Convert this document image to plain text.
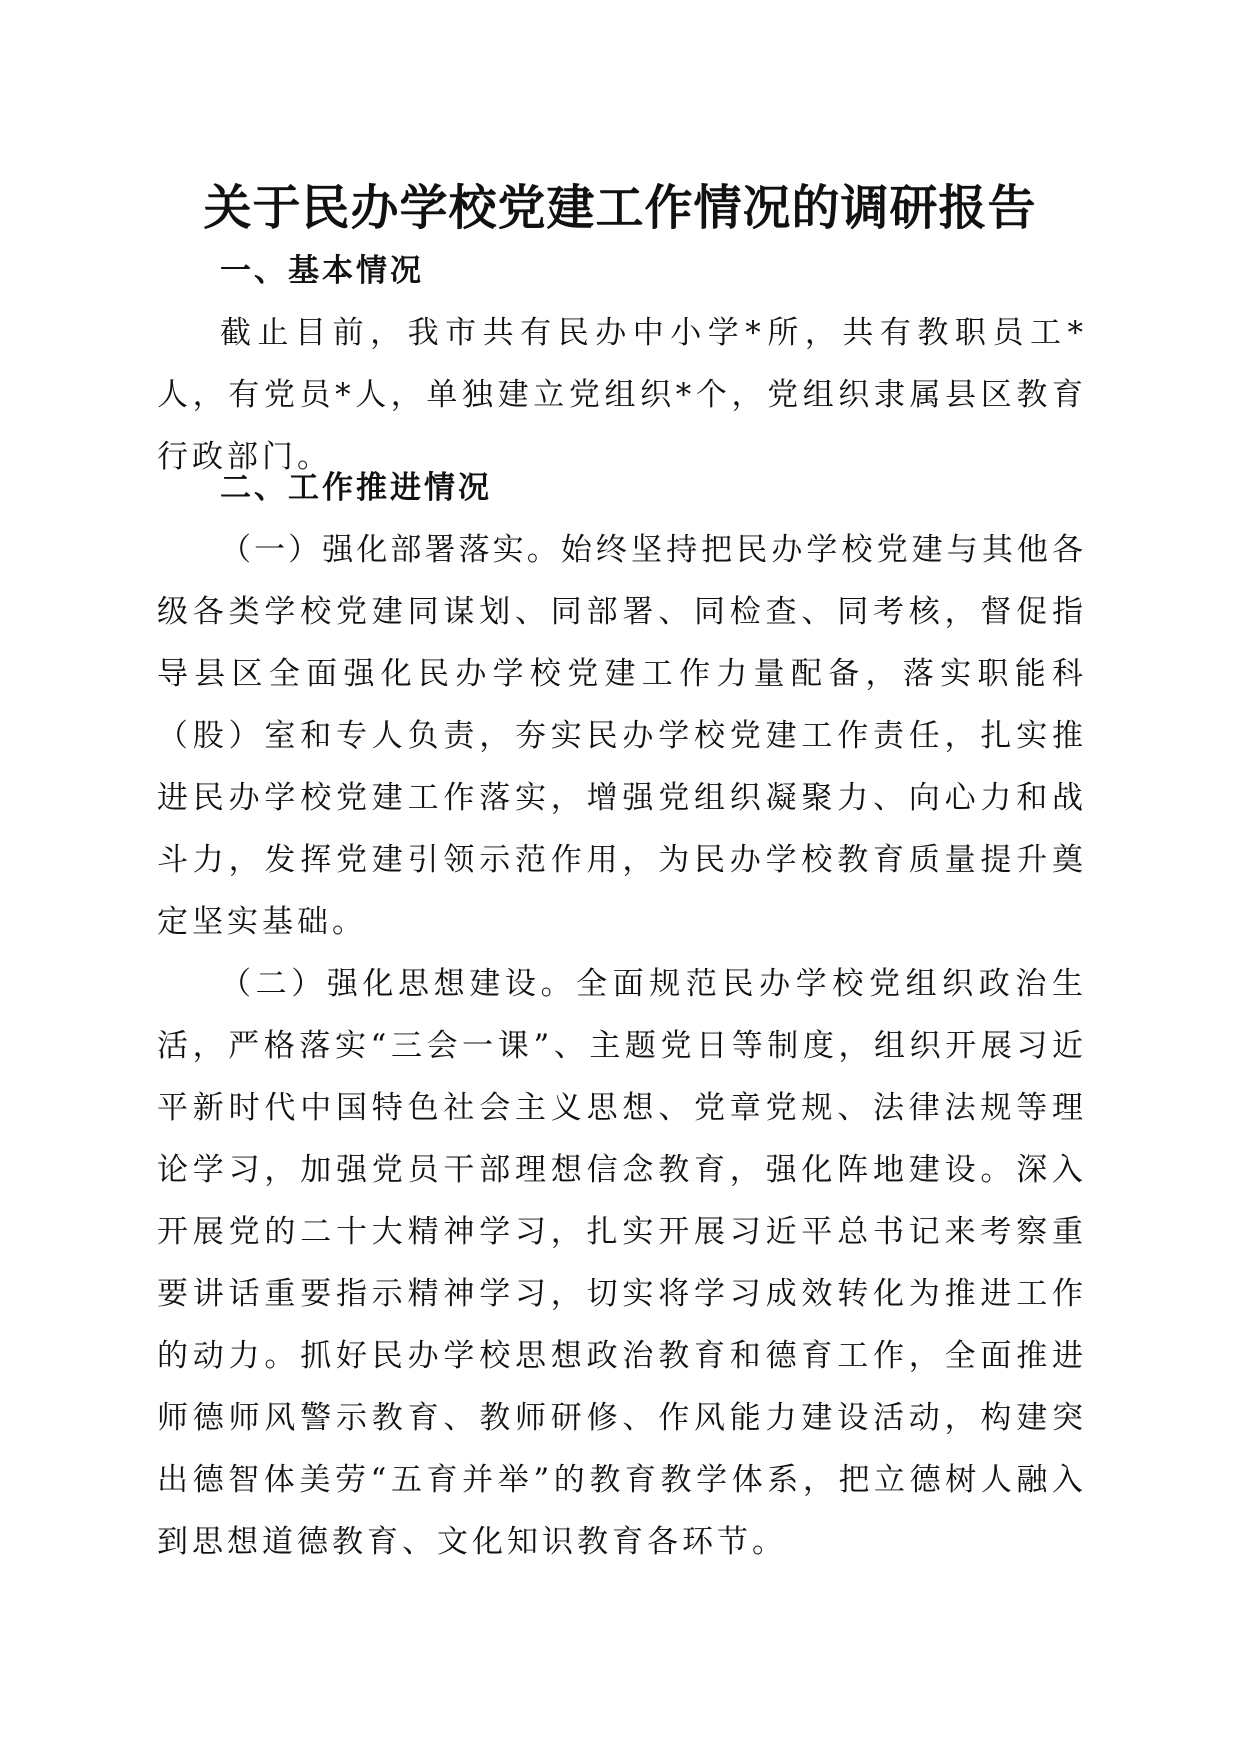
关于民办学校党建工作情况的调研报告
一、基本情况

截止目前，我市共有民办中小学*所，共有教职员工*人，有党员*人，单独建立党组织*个，党组织隶属县区教育行政部门。

二、工作推进情况

（一）强化部署落实。始终坚持把民办学校党建与其他各级各类学校党建同谋划、同部署、同检查、同考核，督促指导县区全面强化民办学校党建工作力量配备，落实职能科（股）室和专人负责，夯实民办学校党建工作责任，扎实推进民办学校党建工作落实，增强党组织凝聚力、向心力和战斗力，发挥党建引领示范作用，为民办学校教育质量提升奠定坚实基础。

（二）强化思想建设。全面规范民办学校党组织政治生活，严格落实“三会一课”、主题党日等制度，组织开展习近平新时代中国特色社会主义思想、党章党规、法律法规等理论学习，加强党员干部理想信念教育，强化阵地建设。深入开展党的二十大精神学习，扎实开展习近平总书记来考察重要讲话重要指示精神学习，切实将学习成效转化为推进工作的动力。抓好民办学校思想政治教育和德育工作，全面推进师德师风警示教育、教师研修、作风能力建设活动，构建突出德智体美劳“五育并举”的教育教学体系，把立德树人融入到思想道德教育、文化知识教育各环节。
